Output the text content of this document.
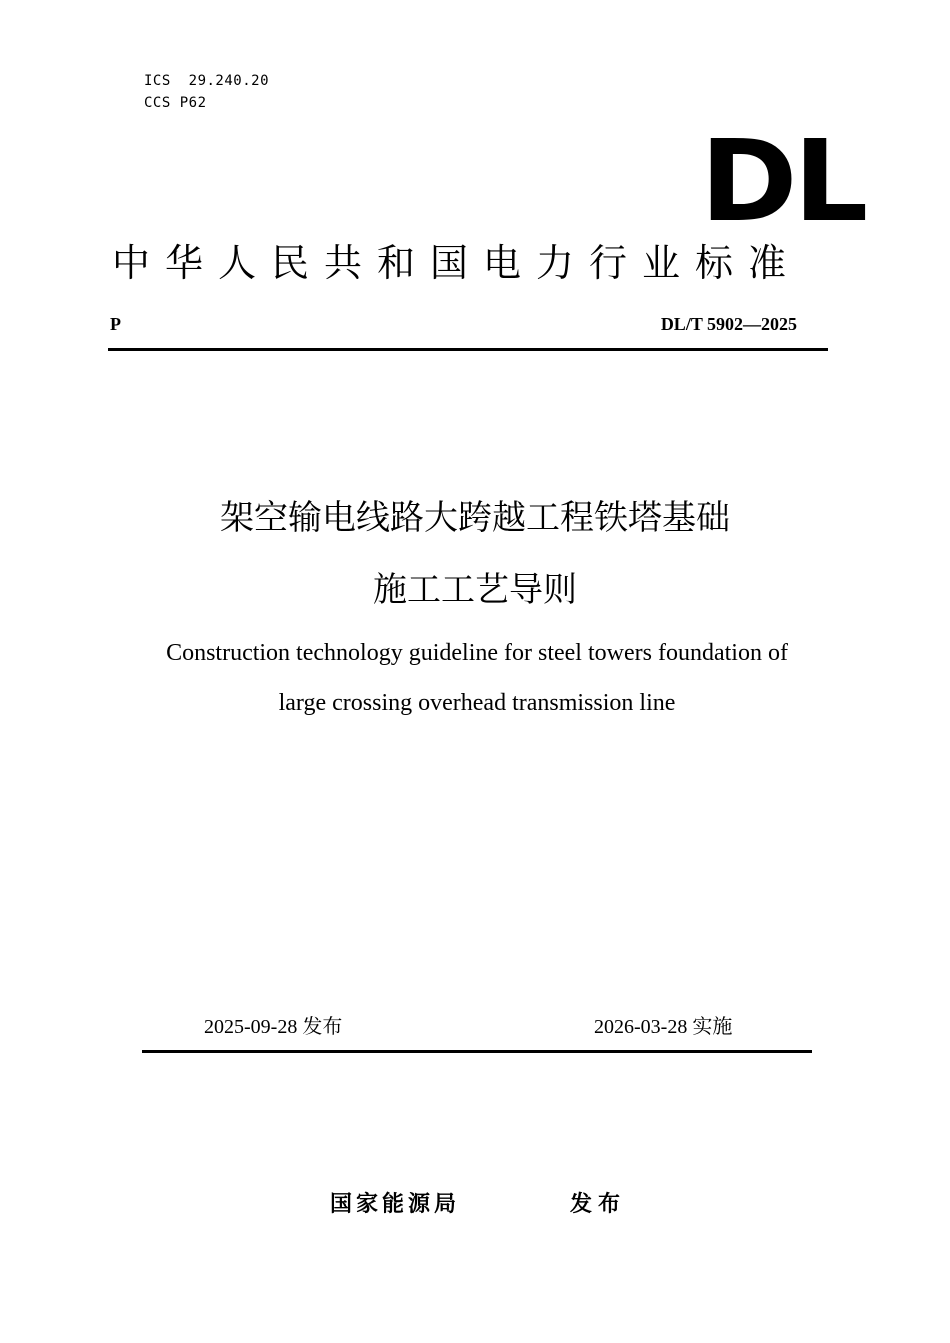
ICS  29.240.20
CCS P62
DL
中华人民共和国电力行业标准
P	DL/T 5902—2025
架空输电线路大跨越工程铁塔基础
施工工艺导则
Construction technology guideline for steel towers foundation of
large crossing overhead transmission line
2025-09-28 发布	2026-03-28 实施
国家能源局	发布
